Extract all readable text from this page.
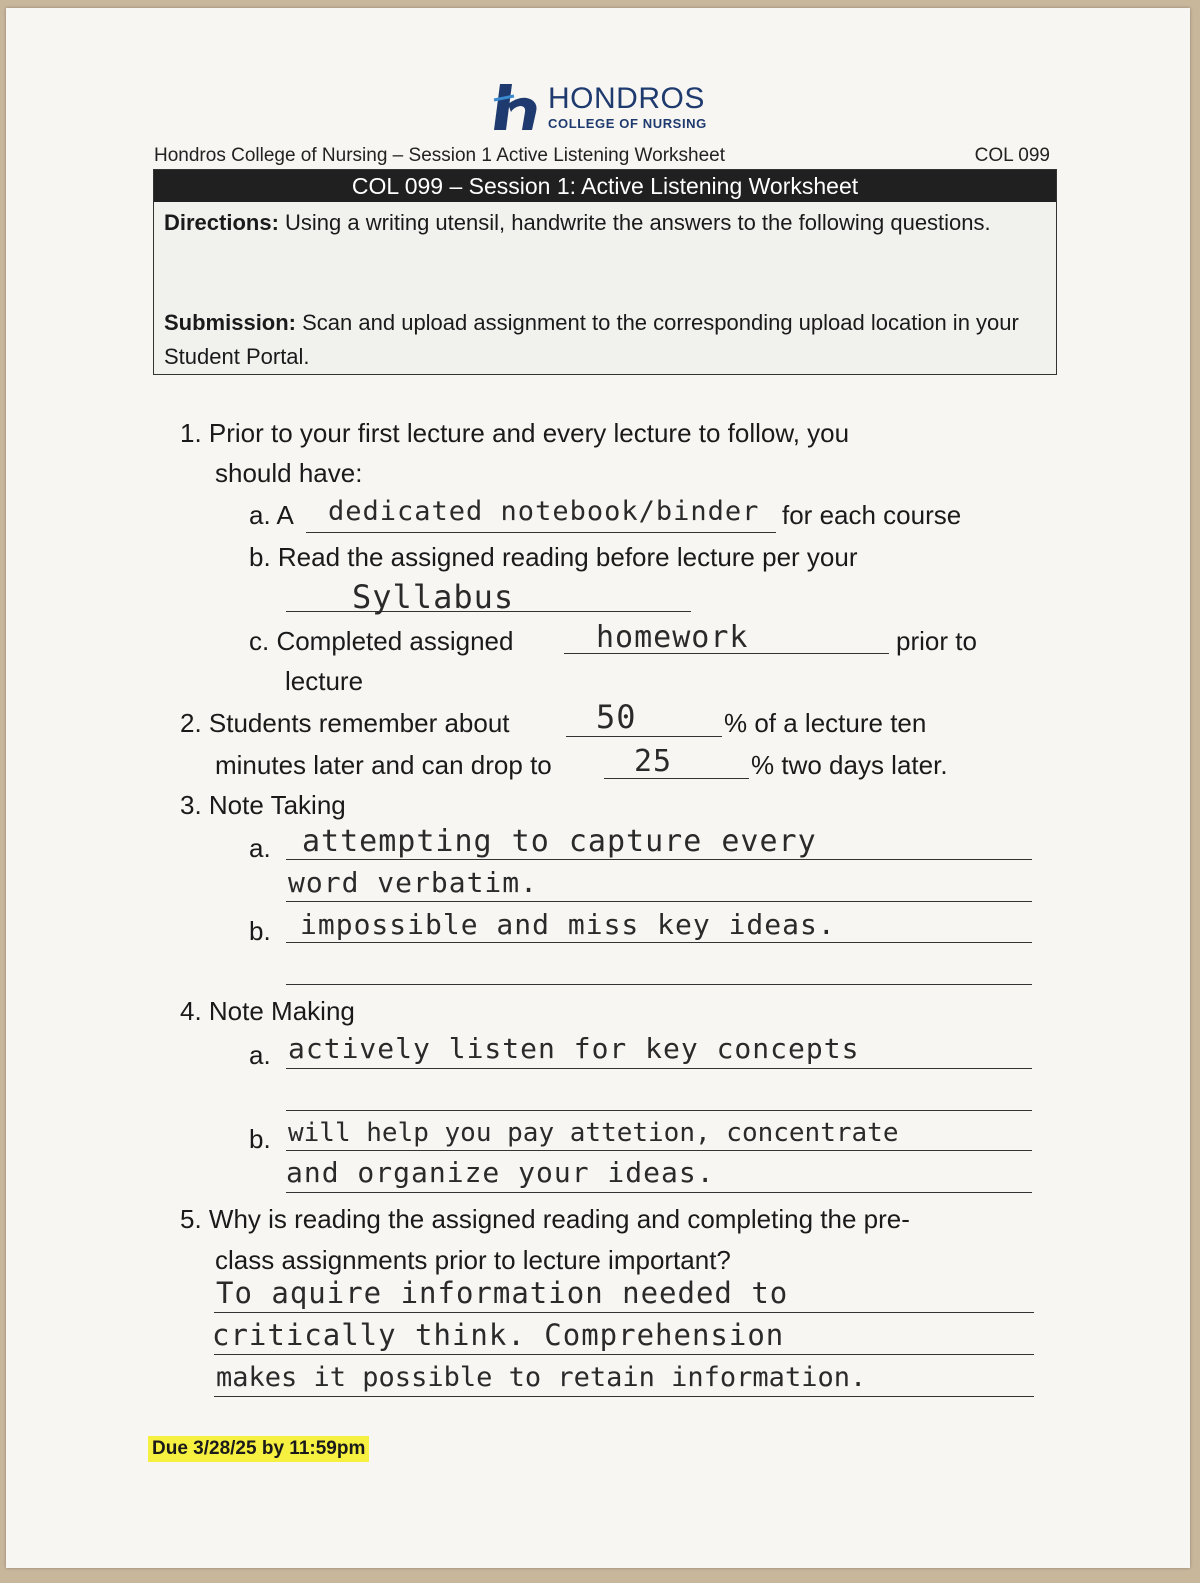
HONDROS
COLLEGE OF NURSING
Hondros College of Nursing – Session 1 Active Listening Worksheet	COL 099
COL 099 – Session 1: Active Listening Worksheet
Directions: Using a writing utensil, handwrite the answers to the following questions.
Submission: Scan and upload assignment to the corresponding upload location in your Student Portal.
1. Prior to your first lecture and every lecture to follow, you
should have:
a. A dedicated notebook/binder for each course
b. Read the assigned reading before lecture per your
Syllabus
c. Completed assigned	homework	prior to
lecture
2. Students remember about	50	% of a lecture ten
minutes later and can drop to	25	% two days later.
3. Note Taking
a. attempting to capture every
word verbatim.
b. impossible and miss key ideas.
4. Note Making
a. actively listen for key concepts
b. will help you pay attetion, concentrate
and organize your ideas.
5. Why is reading the assigned reading and completing the pre-
class assignments prior to lecture important?
To aquire information needed to
critically think. Comprehension
makes it possible to retain information.
Due 3/28/25 by 11:59pm
